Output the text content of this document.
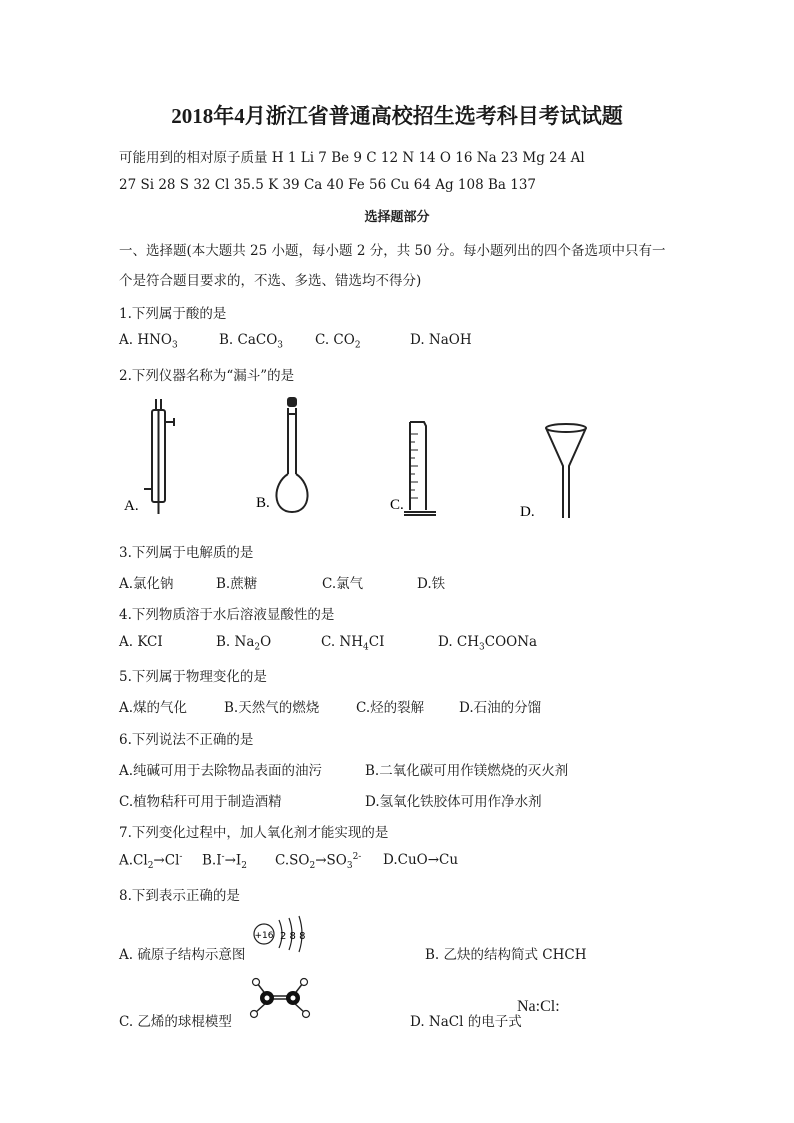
2018年4月浙江省普通高校招生选考科目考试试题
可能用到的相对原子质量 H 1 Li 7 Be 9 C 12 N 14 O 16 Na 23 Mg 24 Al
27 Si 28 S 32 Cl 35.5 K 39 Ca 40 Fe 56 Cu 64 Ag 108 Ba 137
选择题部分
一、选择题(本大题共 25 小题，每小题 2 分，共 50 分。每小题列出的四个备选项中只有一
个是符合题目要求的，不选、多选、错选均不得分)
1.下列属于酸的是
A. $HNO_3$	B. CaCO$_3$ C. $CO_2$	D. NaOH
2.下列仪器名称为“漏斗”的是
A.	B.	C.	D.
3.下列属于电解质的是
A.氯化钠	B.蔗糖	C.氯气	D.铁
4.下列物质溶于水后溶液显酸性的是
A. KCI	B. $Na_2O$	C. $NH_4CI$	D. $CH_3COONa$
5.下列属于物理变化的是
A.煤的气化	B.天然气的燃烧	C.烃的裂解	D.石油的分馏
6.下列说法不正确的是
A.纯碱可用于去除物品表面的油污	B.二氧化碳可用作镁燃烧的灭火剂
C.植物秸秆可用于制造酒精	D.氢氧化铁胶体可用作净水剂
7.下列变化过程中，加人氧化剂才能实现的是
$A.Cl_2\to Cl^-$ $B.I^-\to I_2$ $C.SO_2\to SO_3^{2-}$ D.CuO→Cu
8.下到表示正确的是
A. 硫原子结构示意图
+16 2 8 8
B. 乙炔的结构简式 CHCH
C. 乙烯的球棍模型	D. NaCl 的电子式
Na:Cl:
